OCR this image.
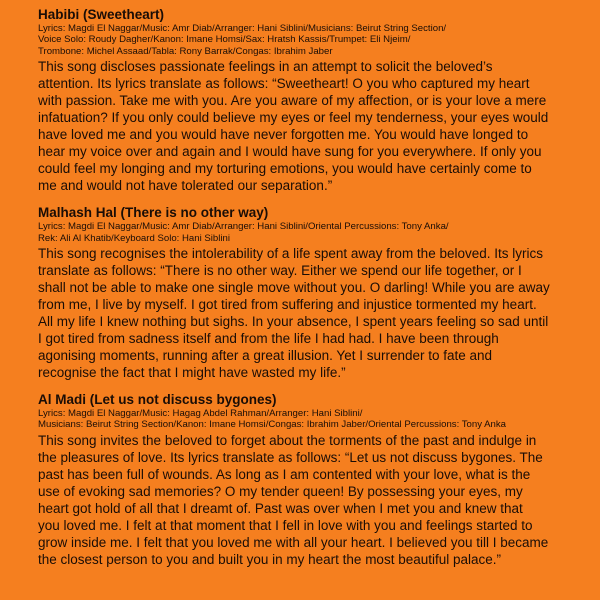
Habibi (Sweetheart)
Lyrics: Magdi El Naggar/Music: Amr Diab/Arranger: Hani Siblini/Musicians: Beirut String Section/
Voice Solo: Roudy Dagher/Kanon: Imane Homsi/Sax: Hratsh Kassis/Trumpet: Eli Njeim/
Trombone: Michel Assaad/Tabla: Rony Barrak/Congas: Ibrahim Jaber
This song discloses passionate feelings in an attempt to solicit the beloved’s
attention. Its lyrics translate as follows: “Sweetheart! O you who captured my heart
with passion. Take me with you. Are you aware of my affection, or is your love a mere
infatuation? If you only could believe my eyes or feel my tenderness, your eyes would
have loved me and you would have never forgotten me. You would have longed to
hear my voice over and again and I would have sung for you everywhere. If only you
could feel my longing and my torturing emotions, you would have certainly come to
me and would not have tolerated our separation.”
Malhash Hal (There is no other way)
Lyrics: Magdi El Naggar/Music: Amr Diab/Arranger: Hani Siblini/Oriental Percussions: Tony Anka/
Rek: Ali Al Khatib/Keyboard Solo: Hani Siblini
This song recognises the intolerability of a life spent away from the beloved. Its lyrics
translate as follows: “There is no other way. Either we spend our life together, or I
shall not be able to make one single move without you. O darling! While you are away
from me, I live by myself. I got tired from suffering and injustice tormented my heart.
All my life I knew nothing but sighs. In your absence, I spent years feeling so sad until
I got tired from sadness itself and from the life I had had. I have been through
agonising moments, running after a great illusion. Yet I surrender to fate and
recognise the fact that I might have wasted my life.”
Al Madi (Let us not discuss bygones)
Lyrics: Magdi El Naggar/Music: Hagag Abdel Rahman/Arranger: Hani Siblini/
Musicians: Beirut String Section/Kanon: Imane Homsi/Congas: Ibrahim Jaber/Oriental Percussions: Tony Anka
This song invites the beloved to forget about the torments of the past and indulge in
the pleasures of love. Its lyrics translate as follows: “Let us not discuss bygones. The
past has been full of wounds. As long as I am contented with your love, what is the
use of evoking sad memories? O my tender queen! By possessing your eyes, my
heart got hold of all that I dreamt of. Past was over when I met you and knew that
you loved me. I felt at that moment that I fell in love with you and feelings started to
grow inside me. I felt that you loved me with all your heart. I believed you till I became
the closest person to you and built you in my heart the most beautiful palace.”
